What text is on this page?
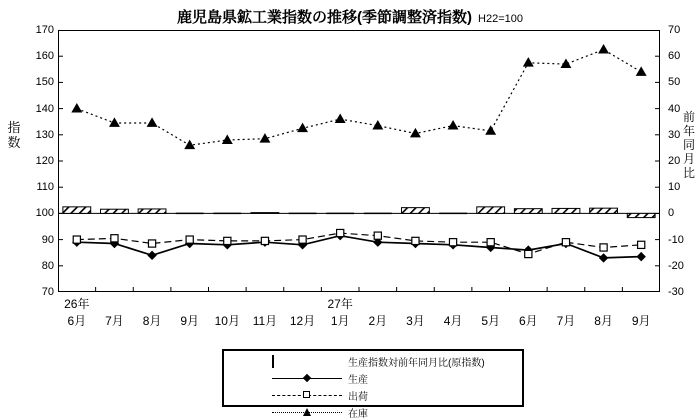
鹿児島県鉱工業指数の推移(季節調整済指数) H22=100
指数
前年同月比
170
160
150
140
130
120
110
100
90
80
70
70
60
50
40
30
20
10
0
-10
-20
-30
26年
6月	7月	8月	9月	10月	11月	12月
27年
1月	2月	3月	4月	5月	6月	7月	8月	9月
生産指数対前年同月比(原指数)
生産
出荷
在庫
